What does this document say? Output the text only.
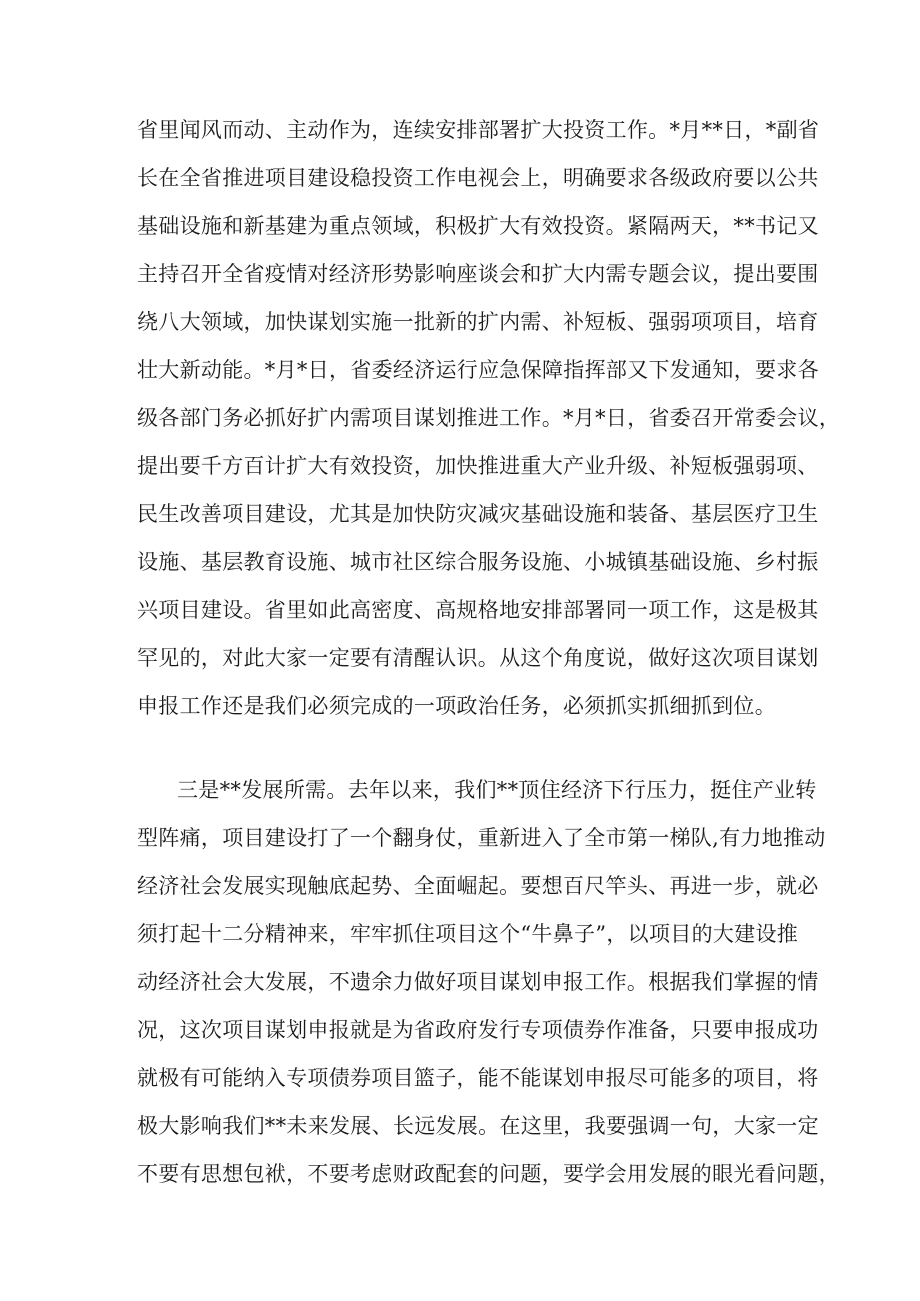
省里闻风而动、主动作为，连续安排部署扩大投资工作。*月**日，*副省
长在全省推进项目建设稳投资工作电视会上，明确要求各级政府要以公共
基础设施和新基建为重点领域，积极扩大有效投资。紧隔两天，**书记又
主持召开全省疫情对经济形势影响座谈会和扩大内需专题会议，提出要围
绕八大领域，加快谋划实施一批新的扩内需、补短板、强弱项项目，培育
壮大新动能。*月*日，省委经济运行应急保障指挥部又下发通知，要求各
级各部门务必抓好扩内需项目谋划推进工作。*月*日，省委召开常委会议，
提出要千方百计扩大有效投资，加快推进重大产业升级、补短板强弱项、
民生改善项目建设，尤其是加快防灾减灾基础设施和装备、基层医疗卫生
设施、基层教育设施、城市社区综合服务设施、小城镇基础设施、乡村振
兴项目建设。省里如此高密度、高规格地安排部署同一项工作，这是极其
罕见的，对此大家一定要有清醒认识。从这个角度说，做好这次项目谋划
申报工作还是我们必须完成的一项政治任务，必须抓实抓细抓到位。
三是**发展所需。去年以来，我们**顶住经济下行压力，挺住产业转
型阵痛，项目建设打了一个翻身仗，重新进入了全市第一梯队,有力地推动
经济社会发展实现触底起势、全面崛起。要想百尺竿头、再进一步，就必
须打起十二分精神来，牢牢抓住项目这个“牛鼻子”，以项目的大建设推
动经济社会大发展，不遗余力做好项目谋划申报工作。根据我们掌握的情
况，这次项目谋划申报就是为省政府发行专项债券作准备，只要申报成功
就极有可能纳入专项债券项目篮子，能不能谋划申报尽可能多的项目，将
极大影响我们**未来发展、长远发展。在这里，我要强调一句，大家一定
不要有思想包袱，不要考虑财政配套的问题，要学会用发展的眼光看问题，
